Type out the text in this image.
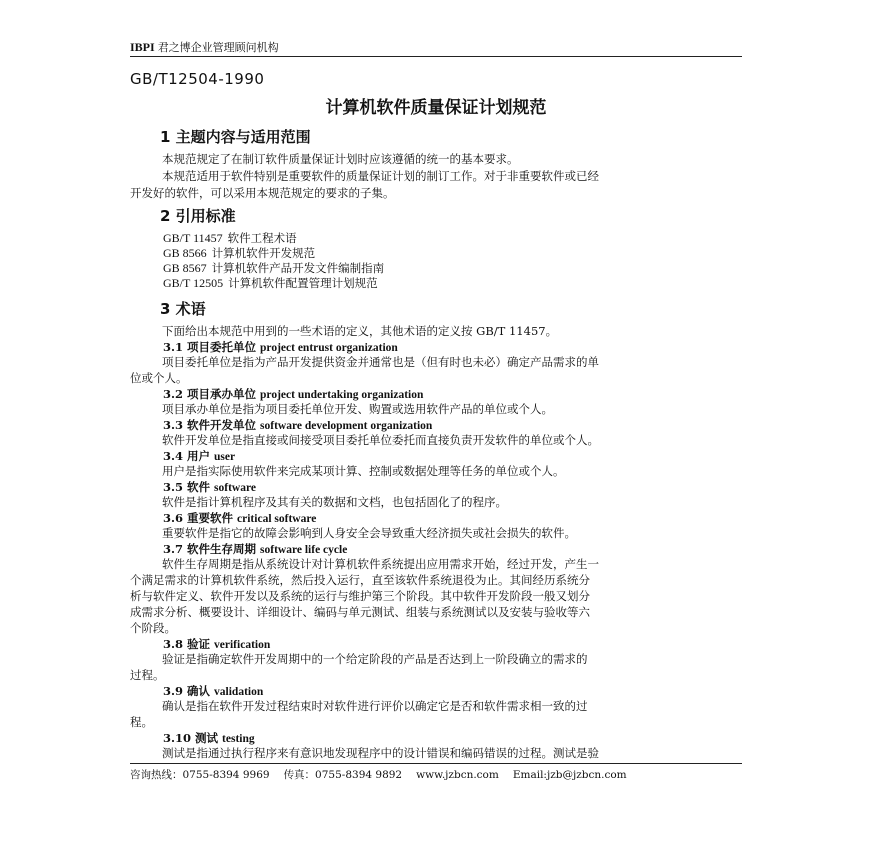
IBPI 君之博企业管理顾问机构
GB/T12504-1990
计算机软件质量保证计划规范
1 主题内容与适用范围
本规范规定了在制订软件质量保证计划时应该遵循的统一的基本要求。
本规范适用于软件特别是重要软件的质量保证计划的制订工作。对于非重要软件或已经
开发好的软件，可以采用本规范规定的要求的子集。
2 引用标准
GB/T 11457 软件工程术语
GB 8566 计算机软件开发规范
GB 8567 计算机软件产品开发文件编制指南
GB/T 12505 计算机软件配置管理计划规范
3 术语
下面给出本规范中用到的一些术语的定义，其他术语的定义按 GB/T 11457。
3.1 项目委托单位 project entrust organization
项目委托单位是指为产品开发提供资金并通常也是（但有时也未必）确定产品需求的单
位或个人。
3.2 项目承办单位 project undertaking organization
项目承办单位是指为项目委托单位开发、购置或选用软件产品的单位或个人。
3.3 软件开发单位 software development organization
软件开发单位是指直接或间接受项目委托单位委托而直接负责开发软件的单位或个人。
3.4 用户 user
用户是指实际使用软件来完成某项计算、控制或数据处理等任务的单位或个人。
3.5 软件 software
软件是指计算机程序及其有关的数据和文档，也包括固化了的程序。
3.6 重要软件 critical software
重要软件是指它的故障会影响到人身安全会导致重大经济损失或社会损失的软件。
3.7 软件生存周期 software life cycle
软件生存周期是指从系统设计对计算机软件系统提出应用需求开始，经过开发，产生一
个满足需求的计算机软件系统，然后投入运行，直至该软件系统退役为止。其间经历系统分
析与软件定义、软件开发以及系统的运行与维护第三个阶段。其中软件开发阶段一般又划分
成需求分析、概要设计、详细设计、编码与单元测试、组装与系统测试以及安装与验收等六
个阶段。
3.8 验证 verification
验证是指确定软件开发周期中的一个给定阶段的产品是否达到上一阶段确立的需求的
过程。
3.9 确认 validation
确认是指在软件开发过程结束时对软件进行评价以确定它是否和软件需求相一致的过
程。
3.10 测试 testing
测试是指通过执行程序来有意识地发现程序中的设计错误和编码错误的过程。测试是验
咨询热线：0755-8394 9969 传真：0755-8394 9892 www.jzbcn.com Email:jzb@jzbcn.com
